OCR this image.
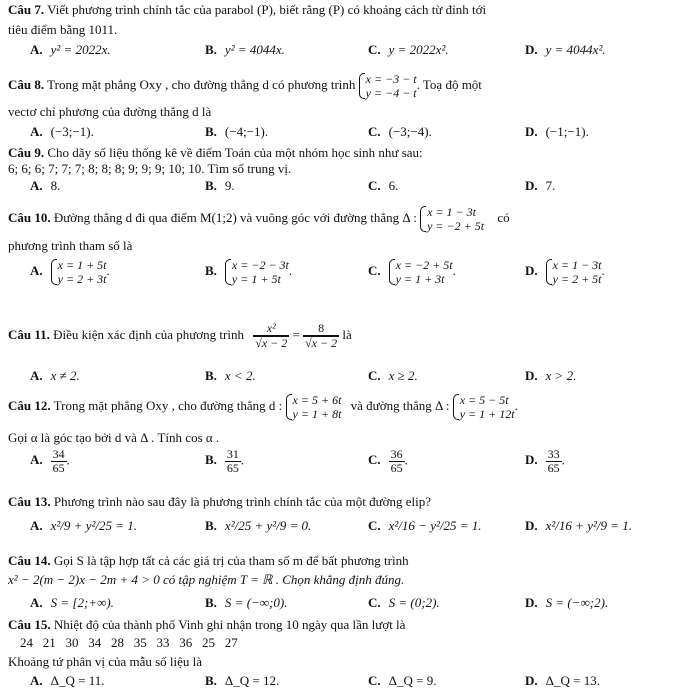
Câu 7. Viết phương trình chính tắc của parabol (P), biết rằng (P) có khoảng cách từ đỉnh tới
tiêu điểm bằng 1011.
A. y² = 2022x.	B. y² = 4044x.	C. y = 2022x².	D. y = 4044x².
Câu 8. Trong mặt phẳng Oxy , cho đường thẳng d có phương trình x = −3 − t
y = −4 − t. Toạ độ một
vectơ chỉ phương của đường thẳng d là
A. (−3;−1).	B. (−4;−1).	C. (−3;−4).	D. (−1;−1).
Câu 9. Cho dãy số liệu thống kê về điểm Toán của một nhóm học sinh như sau:
6; 6; 6; 7; 7; 7; 8; 8; 8; 9; 9; 9; 10; 10. Tìm số trung vị.
A. 8.	B. 9.	C. 6.	D. 7.
Câu 10. Đường thẳng d đi qua điểm M(1;2) và vuông góc với đường thẳng Δ : x = 1 − 3t
y = −2 + 5t có
phương trình tham số là
A. x = 1 + 5t
y = 2 + 3t.	B. x = −2 − 3t
y = 1 + 5t.	C. x = −2 + 5t
y = 1 + 3t.	D. x = 1 − 3t
y = 2 + 5t.
Câu 11. Điều kiện xác định của phương trình $\frac{\text{x²}}{√x - 2} = \frac{8}{√x - 2}$ là
A. x ≠ 2.	B. x < 2.	C. x ≥ 2.	D. x > 2.
Câu 12. Trong mặt phẳng Oxy , cho đường thẳng d : x = 5 + 6t
y = 1 + 8t và đường thẳng Δ : x = 5 − 5t
y = 1 + 12t.
Gọi α là góc tạo bởi d và Δ . Tính cos α .
A. $\frac{34}{65}$ .	B. $\frac{31}{65}$ .	C. $\frac{36}{65}$ .	D. $\frac{33}{65}$ .
Câu 13. Phương trình nào sau đây là phương trình chính tắc của một đường elip?
A. x²/9 + y²/25 = 1.	B. x²/25 + y²/9 = 0.	C. x²/16 − y²/25 = 1.	D. x²/16 + y²/9 = 1.
Câu 14. Gọi S là tập hợp tất cả các giá trị của tham số m để bất phương trình
x² − 2(m − 2)x − 2m + 4 > 0 có tập nghiệm T = ℝ . Chọn khẳng định đúng.
A. S = [2;+∞).	B. S = (−∞;0).	C. S = (0;2).	D. S = (−∞;2).
Câu 15. Nhiệt độ của thành phố Vinh ghi nhận trong 10 ngày qua lần lượt là
24   21   30   34   28   35   33   36   25   27
Khoảng tứ phân vị của mẫu số liệu là
A. Δ_Q = 11.	B. Δ_Q = 12.	C. Δ_Q = 9.	D. Δ_Q = 13.
